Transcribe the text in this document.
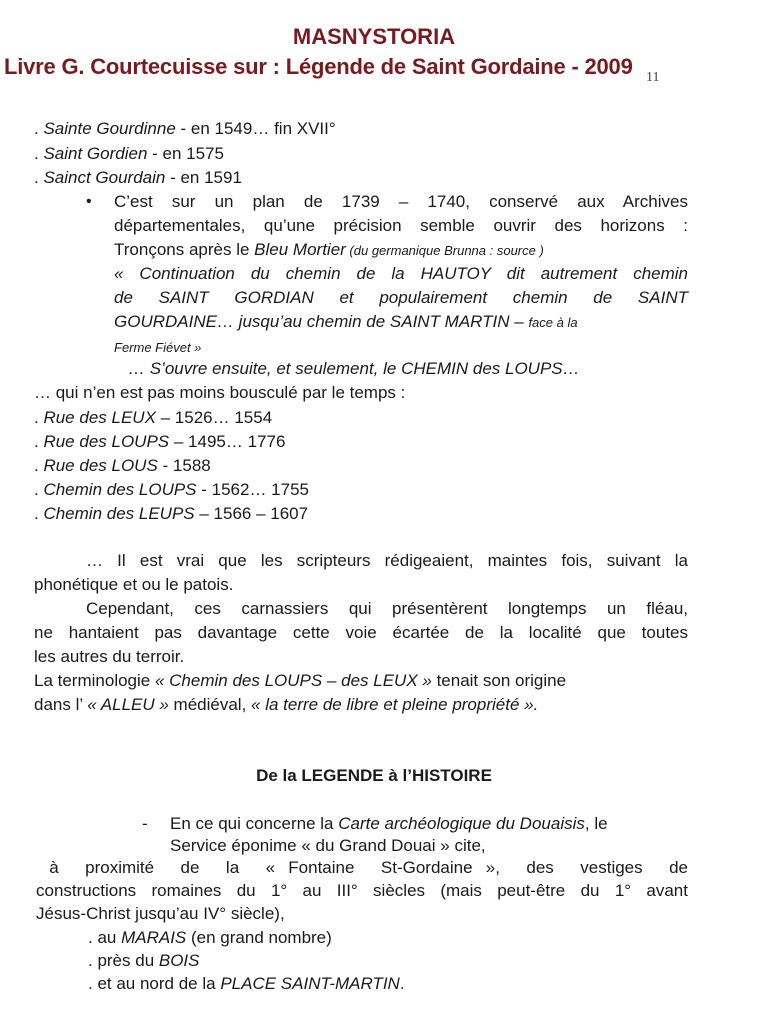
MASNYSTORIA
Livre G. Courtecuisse sur : Légende de Saint Gordaine - 2009 11
. Sainte Gourdinne - en 1549… fin XVII°
. Saint Gordien - en 1575
. Sainct Gourdain - en 1591
• C’est sur un plan de 1739 – 1740, conservé aux Archives
départementales, qu’une précision semble ouvrir des horizons :
Tronçons après le Bleu Mortier (du germanique Brunna : source )
« Continuation du chemin de la HAUTOY dit autrement chemin
de SAINT GORDIAN et populairement chemin de SAINT
GOURDAINE… jusqu’au chemin de SAINT MARTIN – face à la
Ferme Fiévet »
… S’ouvre ensuite, et seulement, le CHEMIN des LOUPS…
… qui n’en est pas moins bousculé par le temps :
. Rue des LEUX – 1526… 1554
. Rue des LOUPS – 1495… 1776
. Rue des LOUS - 1588
. Chemin des LOUPS - 1562… 1755
. Chemin des LEUPS – 1566 – 1607
… Il est vrai que les scripteurs rédigeaient, maintes fois, suivant la
phonétique et ou le patois.
Cependant, ces carnassiers qui présentèrent longtemps un fléau,
ne hantaient pas davantage cette voie écartée de la localité que toutes
les autres du terroir.
La terminologie « Chemin des LOUPS – des LEUX » tenait son origine
dans l’ « ALLEU » médiéval, « la terre de libre et pleine propriété ».
De la LEGENDE à l’HISTOIRE
- En ce qui concerne la Carte archéologique du Douaisis, le
Service éponime « du Grand Douai » cite,
à  proximité  de  la  « Fontaine  St-Gordaine »,  des  vestiges  de
constructions romaines du 1° au III° siècles (mais peut-être du 1° avant
Jésus-Christ jusqu’au IV° siècle),
. au MARAIS (en grand nombre)
. près du BOIS
. et au nord de la PLACE SAINT-MARTIN.
